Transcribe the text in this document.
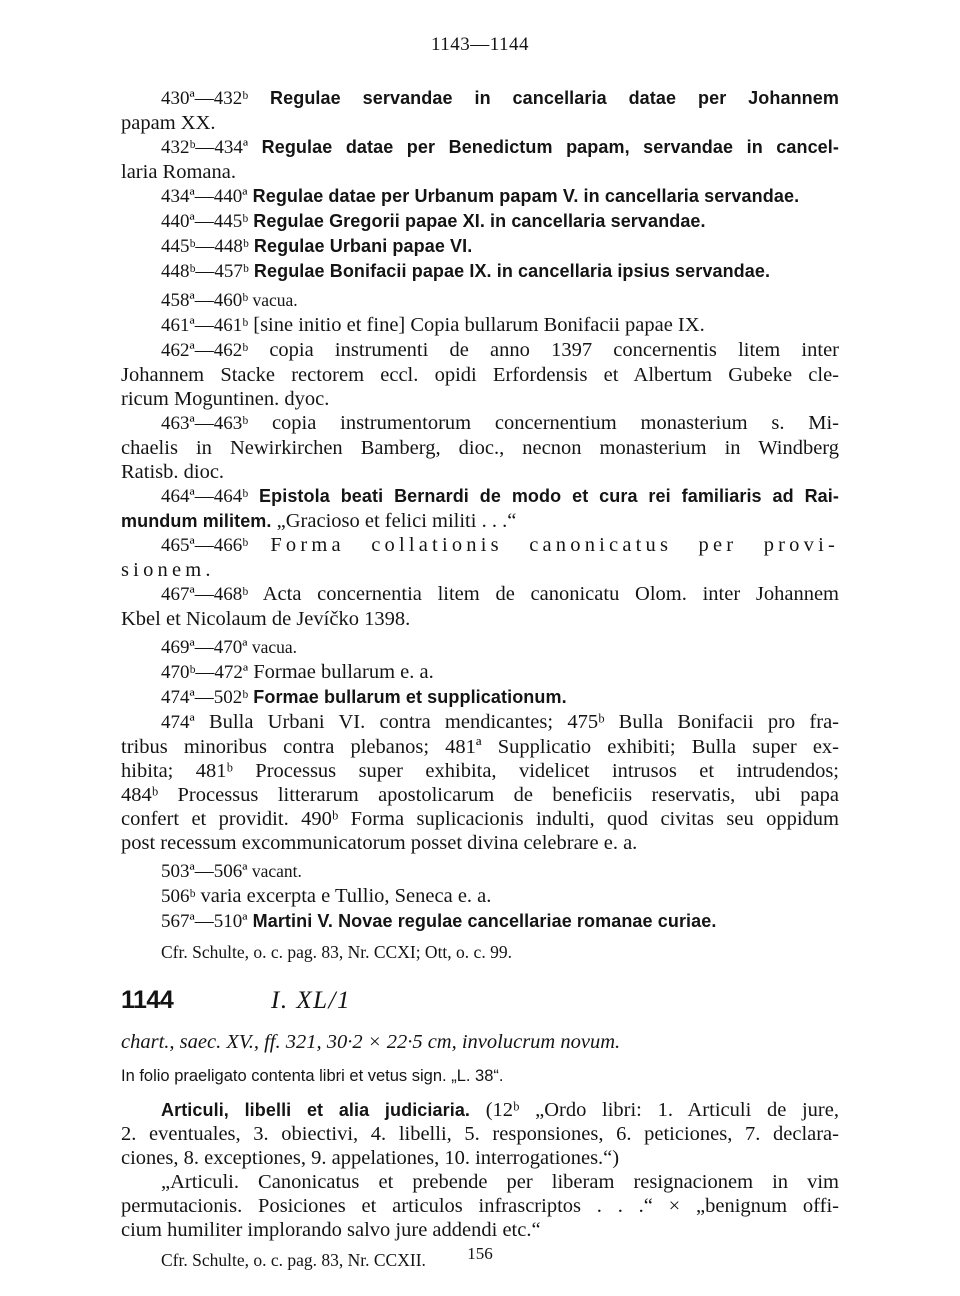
1143—1144
430ª—432ᵇ Regulae servandae in cancellaria datae per Johannem
papam XX.
432ᵇ—434ª Regulae datae per Benedictum papam, servandae in cancel-
laria Romana.
434ª—440ª Regulae datae per Urbanum papam V. in cancellaria servandae.
440ª—445ᵇ Regulae Gregorii papae XI. in cancellaria servandae.
445ᵇ—448ᵇ Regulae Urbani papae VI.
448ᵇ—457ᵇ Regulae Bonifacii papae IX. in cancellaria ipsius servandae.
458ª—460ᵇ vacua.
461ª—461ᵇ [sine initio et fine] Copia bullarum Bonifacii papae IX.
462ª—462ᵇ copia instrumenti de anno 1397 concernentis litem inter
Johannem Stacke rectorem eccl. opidi Erfordensis et Albertum Gubeke cle-
ricum Moguntinen. dyoc.
463ª—463ᵇ copia instrumentorum concernentium monasterium s. Mi-
chaelis in Newirkirchen Bamberg, dioc., necnon monasterium in Windberg
Ratisb. dioc.
464ª—464ᵇ Epistola beati Bernardi de modo et cura rei familiaris ad Rai-
mundum militem. „Gracioso et felici militi . . .“
465ª—466ᵇ Forma collationis canonicatus per provi-
sionem.
467ª—468ᵇ Acta concernentia litem de canonicatu Olom. inter Johannem
Kbel et Nicolaum de Jevíčko 1398.
469ª—470ª vacua.
470ᵇ—472ª Formae bullarum e. a.
474ª—502ᵇ Formae bullarum et supplicationum.
474ª Bulla Urbani VI. contra mendicantes; 475ᵇ Bulla Bonifacii pro fra-
tribus minoribus contra plebanos; 481ª Supplicatio exhibiti; Bulla super ex-
hibita; 481ᵇ Processus super exhibita, videlicet intrusos et intrudendos;
484ᵇ Processus litterarum apostolicarum de beneficiis reservatis, ubi papa
confert et providit. 490ᵇ Forma suplicacionis indulti, quod civitas seu oppidum
post recessum excommunicatorum posset divina celebrare e. a.
503ª—506ª vacant.
506ᵇ varia excerpta e Tullio, Seneca e. a.
567ª—510ª Martini V. Novae regulae cancellariae romanae curiae.
Cfr. Schulte, o. c. pag. 83, Nr. CCXI; Ott, o. c. 99.
1144	I. XL/1
chart., saec. XV., ff. 321, 30·2 × 22·5 cm, involucrum novum.
In folio praeligato contenta libri et vetus sign. „L. 38“.
Articuli, libelli et alia judiciaria. (12ᵇ „Ordo libri: 1. Articuli de jure,
2. eventuales, 3. obiectivi, 4. libelli, 5. responsiones, 6. peticiones, 7. declara-
ciones, 8. exceptiones, 9. appelationes, 10. interrogationes.“)
„Articuli. Canonicatus et prebende per liberam resignacionem in vim
permutacionis. Posiciones et articulos infrascriptos . . .“ × „benignum offi-
cium humiliter implorando salvo jure addendi etc.“
Cfr. Schulte, o. c. pag. 83, Nr. CCXII.	156
